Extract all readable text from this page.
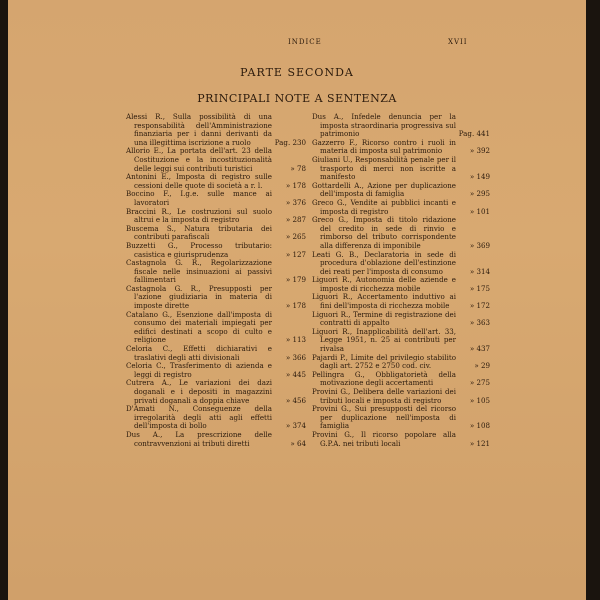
INDICE	XVII
PARTE SECONDA
PRINCIPALI NOTE A SENTENZA
Alessi R., Sulla possibilità di una responsabilità dell'Amministrazione finanziaria per i danni derivanti da una illegittima iscrizione a ruolo	Pag. 230
Allorio E., La portata dell'art. 23 della Costituzione e la incostituzionalità delle leggi sui contributi turistici	» 78
Antonini E., Imposta di registro sulle cessioni delle quote di società a r. l.	» 178
Boccino F., I.g.e. sulle mance ai lavoratori	» 376
Braccini R., Le costruzioni sul suolo altrui e la imposta di registro	» 287
Buscema S., Natura tributaria dei contributi parafiscali	» 265
Buzzetti G., Processo tributario: casistica e giurisprudenza	» 127
Castagnola G. R., Regolarizzazione fiscale nelle insinuazioni ai passivi fallimentari	» 179
Castagnola G. R., Presupposti per l'azione giudiziaria in materia di imposte dirette	» 178
Catalano G., Esenzione dall'imposta di consumo dei materiali impiegati per edifici destinati a scopo di culto e religione	» 113
Celoria C., Effetti dichiarativi e traslativi degli atti divisionali	» 366
Celoria C., Trasferimento di azienda e leggi di registro	» 445
Cutrera A., Le variazioni dei dazi doganali e i depositi in magazzini privati doganali a doppia chiave	» 456
D'Amati N., Conseguenze della irregolarità degli atti agli effetti dell'imposta di bollo	» 374
Dus A., La prescrizione delle contravvenzioni ai tributi diretti	» 64
Dus A., Infedele denuncia per la imposta straordinaria progressiva sul patrimonio	Pag. 441
Gazzerro F., Ricorso contro i ruoli in materia di imposta sul patrimonio	» 392
Giuliani U., Responsabilità penale per il trasporto di merci non iscritte a manifesto	» 149
Gottardelli A., Azione per duplicazione dell'imposta di famiglia	» 295
Greco G., Vendite ai pubblici incanti e imposta di registro	» 101
Greco G., Imposta di titolo ridazione del credito in sede di rinvio e rimborso del tributo corrispondente alla differenza di imponibile	» 369
Leati G. B., Declaratoria in sede di procedura d'oblazione dell'estinzione dei reati per l'imposta di consumo	» 314
Liguori R., Autonomia delle aziende e imposte di ricchezza mobile	» 175
Liguori R., Accertamento induttivo ai fini dell'imposta di ricchezza mobile	» 172
Liguori R., Termine di registrazione dei contratti di appalto	» 363
Liguori R., Inapplicabilità dell'art. 33, Legge 1951, n. 25 ai contributi per rivalsa	» 437
Pajardi P., Limite del privilegio stabilito dagli art. 2752 e 2750 cod. civ.	» 29
Pellingra G., Obbligatorietà della motivazione degli accertamenti	» 275
Provini G., Delibera delle variazioni dei tributi locali e imposta di registro	» 105
Provini G., Sui presupposti del ricorso per duplicazione nell'imposta di famiglia	» 108
Provini G., Il ricorso popolare alla G.P.A. nei tributi locali	» 121
